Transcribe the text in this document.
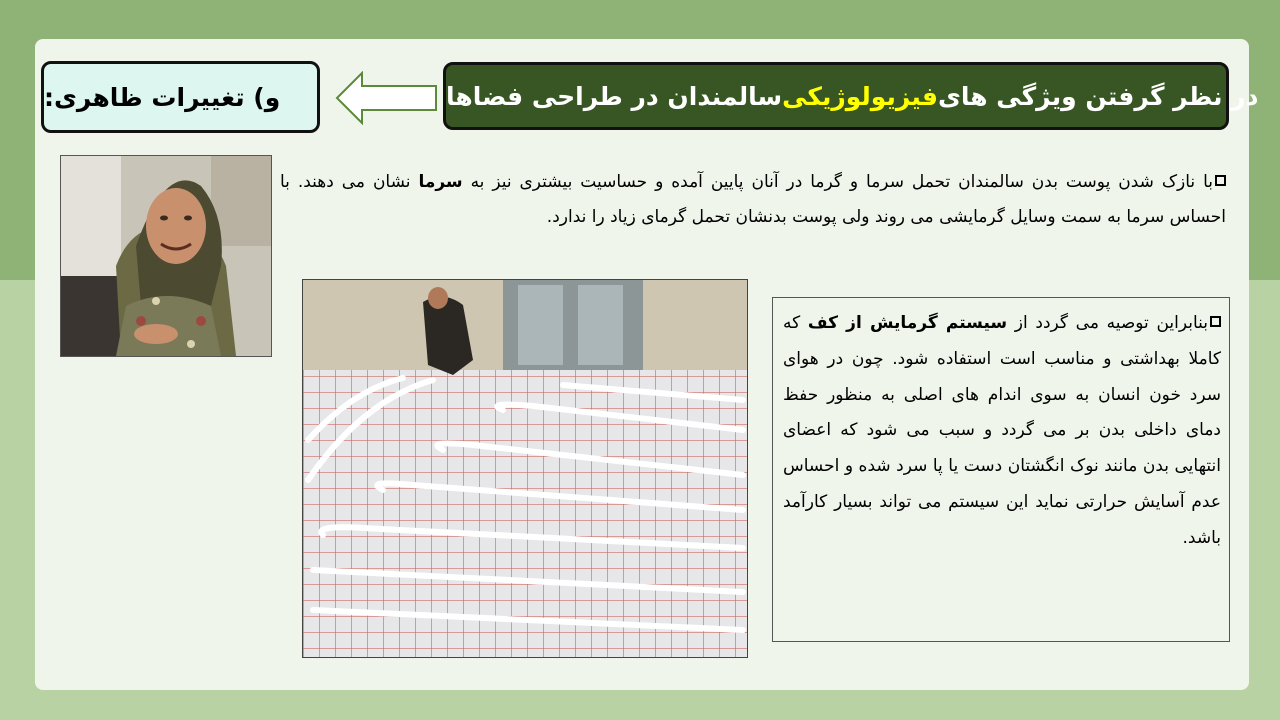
در نظر گرفتن ویژگی های
فیزیولوژیکی
سالمندان در طراحی فضاها
و) تغییرات ظاهری:
با نازک شدن پوست بدن سالمندان تحمل سرما و گرما در آنان پایین آمده و حساسیت بیشتری نیز به سرما نشان می دهند. با احساس سرما به سمت وسایل گرمایشی می روند ولی پوست بدنشان تحمل گرمای زیاد را ندارد.
بنابراین توصیه می گردد از سیستم گرمایش از کف که کاملا بهداشتی و مناسب است استفاده شود. چون در هوای سرد خون انسان به سوی اندام های اصلی به منظور حفظ دمای داخلی بدن بر می گردد و سبب می شود که اعضای انتهایی بدن مانند نوک انگشتان دست یا پا سرد شده و احساس عدم آسایش حرارتی نماید این سیستم می تواند بسیار کارآمد باشد.
